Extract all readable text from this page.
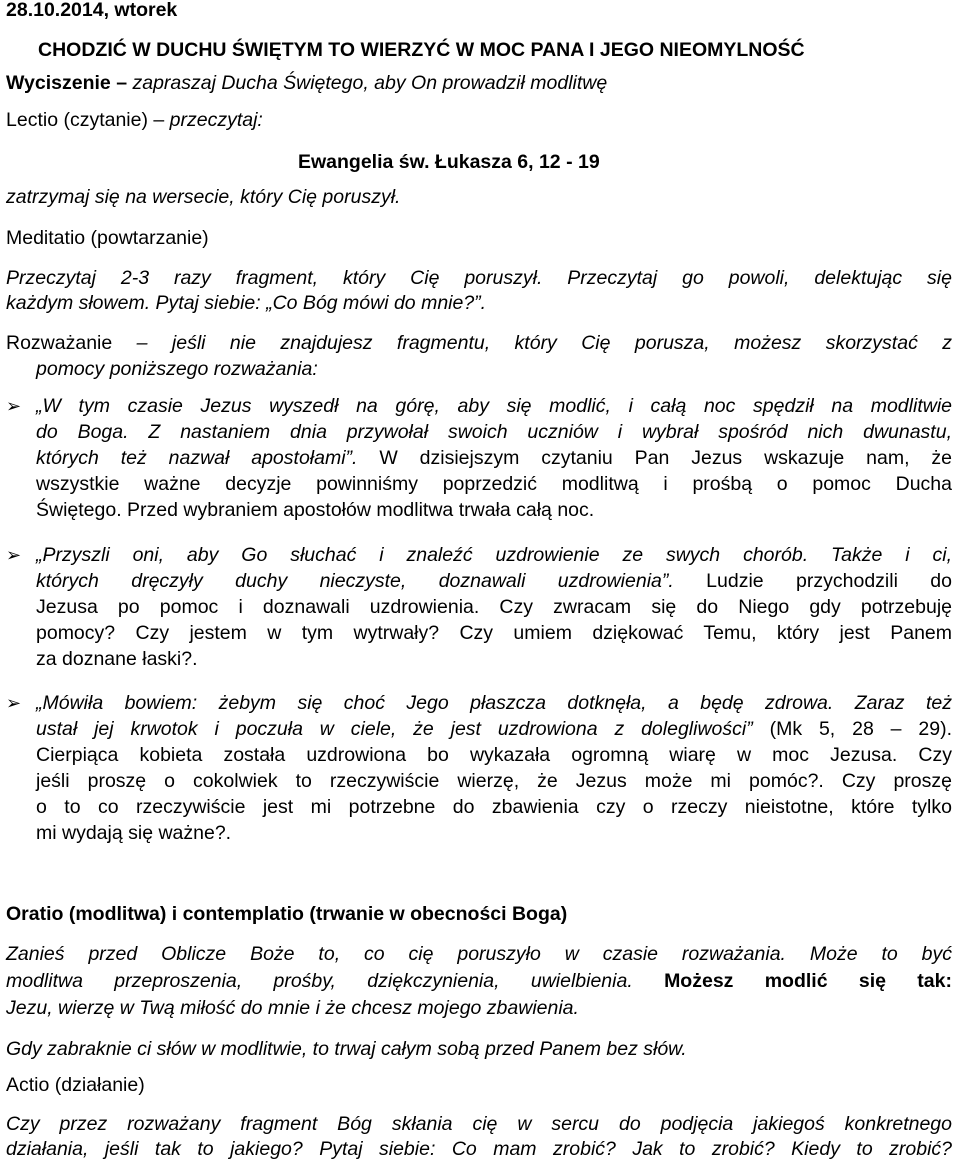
28.10.2014, wtorek
CHODZIĆ W DUCHU ŚWIĘTYM TO WIERZYĆ W MOC PANA I JEGO NIEOMYLNOŚĆ
Wyciszenie – zapraszaj Ducha Świętego, aby On prowadził modlitwę
Lectio (czytanie) – przeczytaj:
Ewangelia św. Łukasza 6, 12 - 19
zatrzymaj się na wersecie, który Cię poruszył.
Meditatio (powtarzanie)
Przeczytaj 2-3 razy fragment, który Cię poruszył. Przeczytaj go powoli, delektując się
każdym słowem. Pytaj siebie: „Co Bóg mówi do mnie?”.
Rozważanie – jeśli nie znajdujesz fragmentu, który Cię porusza, możesz skorzystać z
pomocy poniższego rozważania:
➢ „W tym czasie Jezus wyszedł na górę, aby się modlić, i całą noc spędził na modlitwie
do Boga. Z nastaniem dnia przywołał swoich uczniów i wybrał spośród nich dwunastu,
których też nazwał apostołami”. W dzisiejszym czytaniu Pan Jezus wskazuje nam, że
wszystkie ważne decyzje powinniśmy poprzedzić modlitwą i prośbą o pomoc Ducha
Świętego. Przed wybraniem apostołów modlitwa trwała całą noc.
➢ „Przyszli oni, aby Go słuchać i znaleźć uzdrowienie ze swych chorób. Także i ci,
których dręczyły duchy nieczyste, doznawali uzdrowienia”. Ludzie przychodzili do
Jezusa po pomoc i doznawali uzdrowienia. Czy zwracam się do Niego gdy potrzebuję
pomocy? Czy jestem w tym wytrwały? Czy umiem dziękować Temu, który jest Panem
za doznane łaski?.
➢ „Mówiła bowiem: żebym się choć Jego płaszcza dotknęła, a będę zdrowa. Zaraz też
ustał jej krwotok i poczuła w ciele, że jest uzdrowiona z dolegliwości” (Mk 5, 28 – 29).
Cierpiąca kobieta została uzdrowiona bo wykazała ogromną wiarę w moc Jezusa. Czy
jeśli proszę o cokolwiek to rzeczywiście wierzę, że Jezus może mi pomóc?. Czy proszę
o to co rzeczywiście jest mi potrzebne do zbawienia czy o rzeczy nieistotne, które tylko
mi wydają się ważne?.
Oratio (modlitwa) i contemplatio (trwanie w obecności Boga)
Zanieś przed Oblicze Boże to, co cię poruszyło w czasie rozważania. Może to być
modlitwa przeproszenia, prośby, dziękczynienia, uwielbienia. Możesz modlić się tak:
Jezu, wierzę w Twą miłość do mnie i że chcesz mojego zbawienia.
Gdy zabraknie ci słów w modlitwie, to trwaj całym sobą przed Panem bez słów.
Actio (działanie)
Czy przez rozważany fragment Bóg skłania cię w sercu do podjęcia jakiegoś konkretnego
działania, jeśli tak to jakiego? Pytaj siebie: Co mam zrobić? Jak to zrobić? Kiedy to zrobić?
